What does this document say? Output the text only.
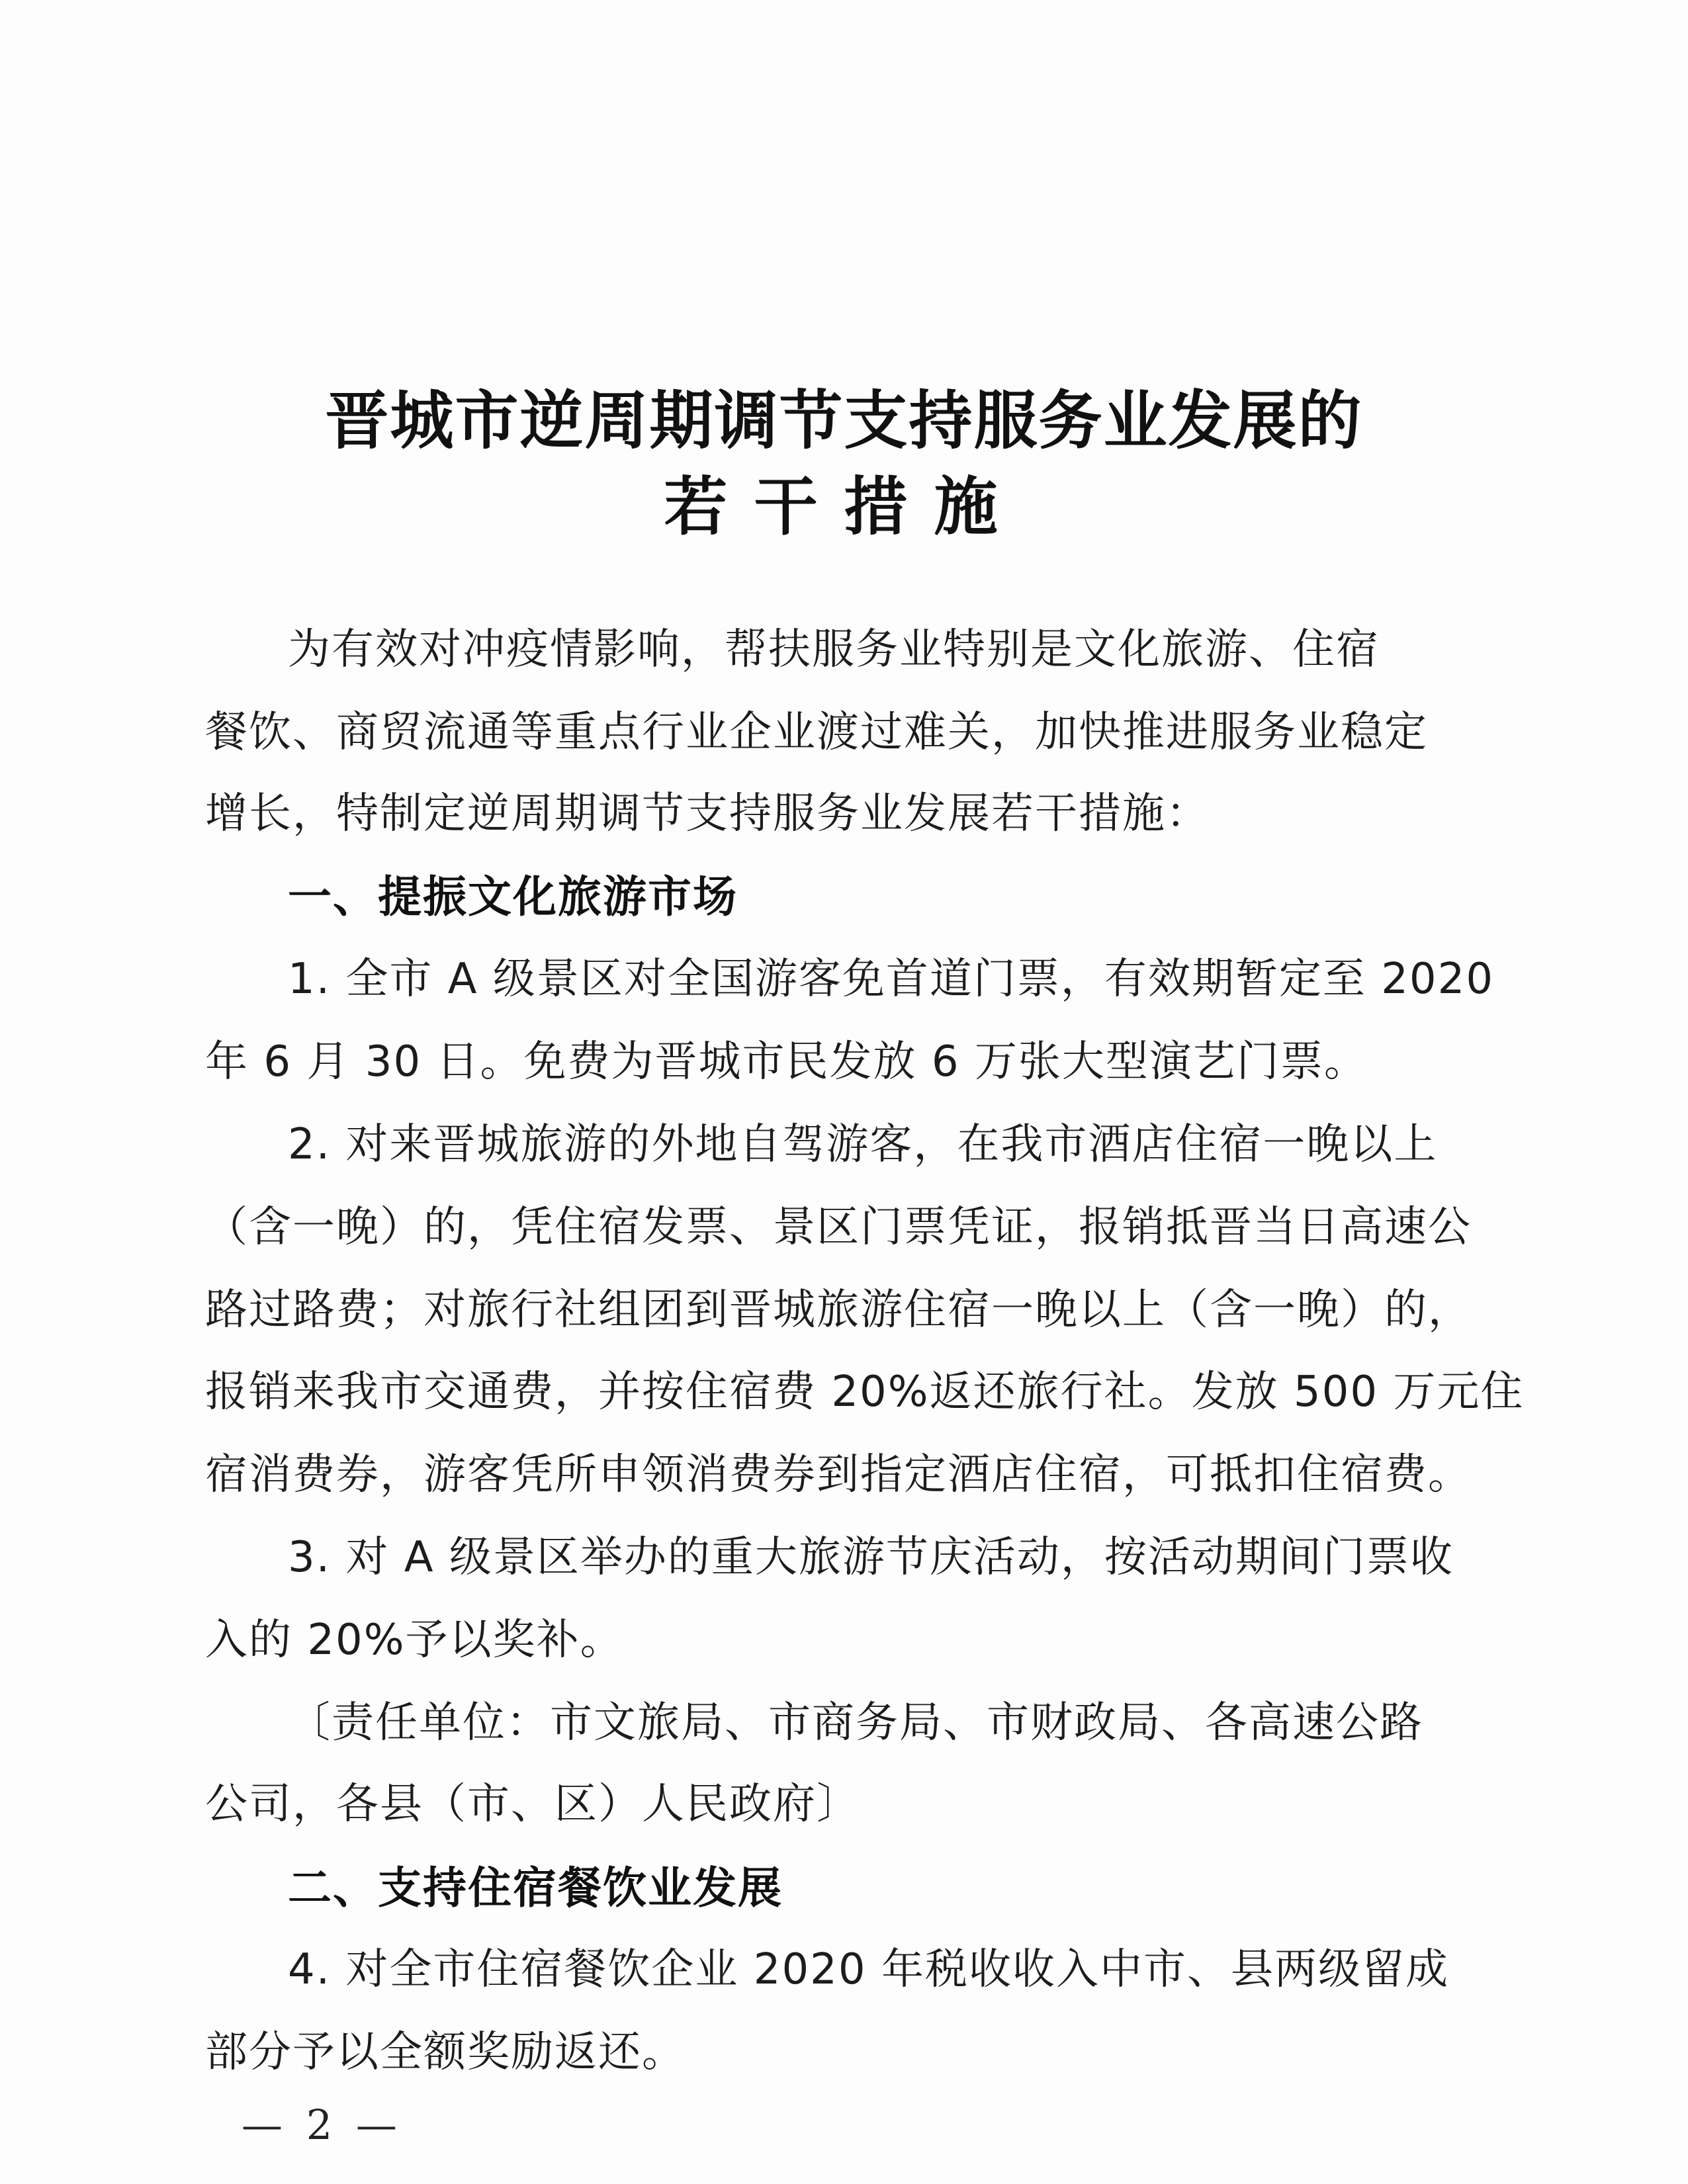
晋城市逆周期调节支持服务业发展的
若干措施
为有效对冲疫情影响，帮扶服务业特别是文化旅游、住宿
餐饮、商贸流通等重点行业企业渡过难关，加快推进服务业稳定
增长，特制定逆周期调节支持服务业发展若干措施：
一、提振文化旅游市场
1. 全市 A 级景区对全国游客免首道门票，有效期暂定至 2020
年 6 月 30 日。免费为晋城市民发放 6 万张大型演艺门票。
2. 对来晋城旅游的外地自驾游客，在我市酒店住宿一晚以上
（含一晚）的，凭住宿发票、景区门票凭证，报销抵晋当日高速公
路过路费；对旅行社组团到晋城旅游住宿一晚以上（含一晚）的，
报销来我市交通费，并按住宿费 20%返还旅行社。发放 500 万元住
宿消费券，游客凭所申领消费券到指定酒店住宿，可抵扣住宿费。
3. 对 A 级景区举办的重大旅游节庆活动，按活动期间门票收
入的 20%予以奖补。
〔责任单位：市文旅局、市商务局、市财政局、各高速公路
公司，各县（市、区）人民政府〕
二、支持住宿餐饮业发展
4. 对全市住宿餐饮企业 2020 年税收收入中市、县两级留成
部分予以全额奖励返还。
— 2 —
